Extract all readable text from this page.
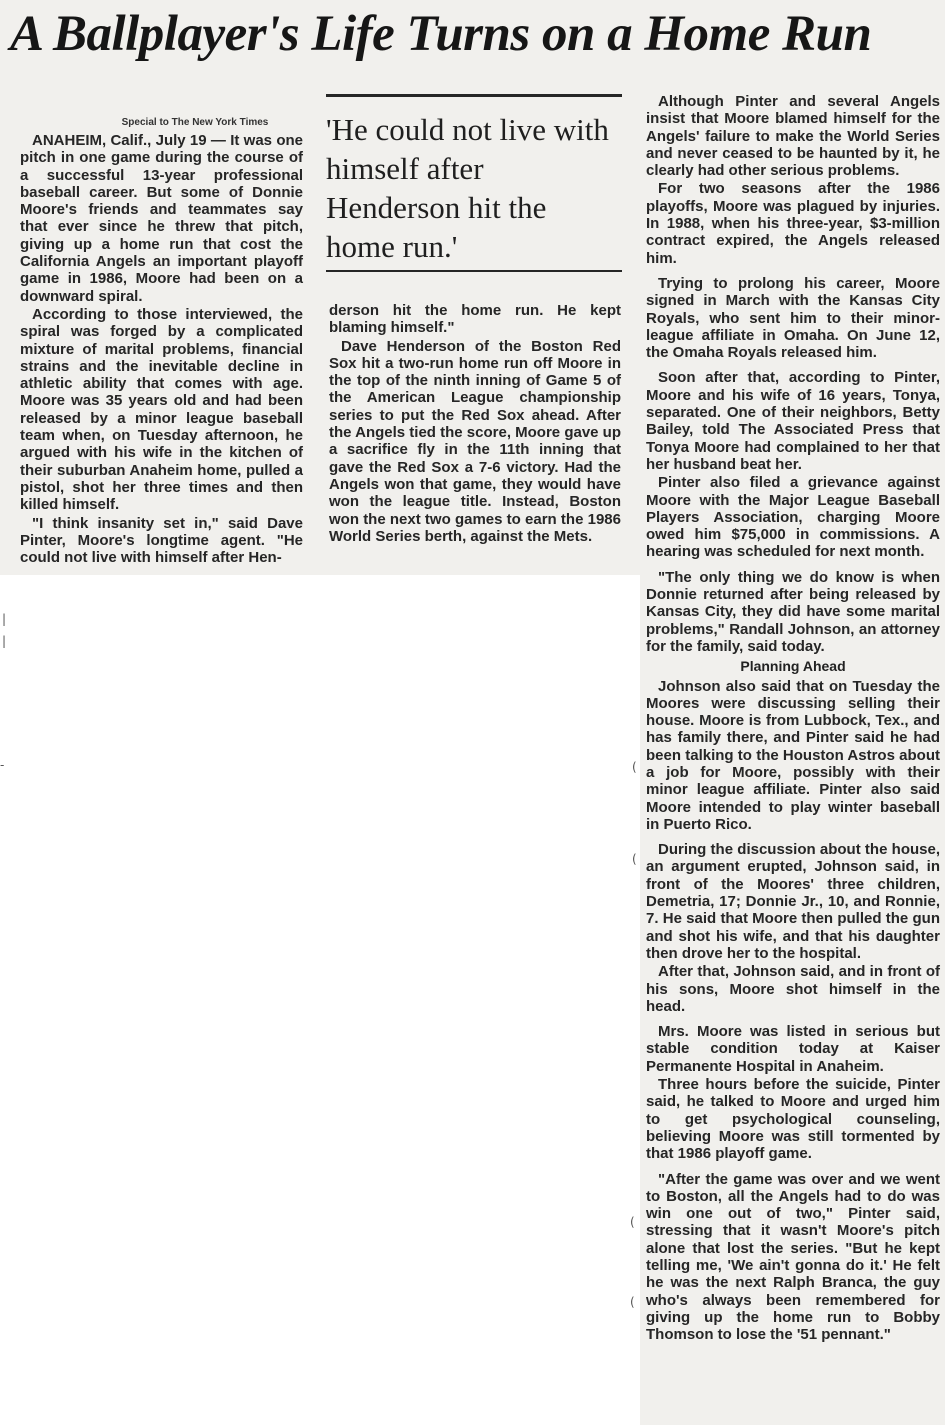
A Ballplayer's Life Turns on a Home Run
Special to The New York Times

ANAHEIM, Calif., July 19 — It was one pitch in one game during the course of a successful 13-year professional baseball career. But some of Donnie Moore's friends and teammates say that ever since he threw that pitch, giving up a home run that cost the California Angels an important playoff game in 1986, Moore had been on a downward spiral.

According to those interviewed, the spiral was forged by a complicated mixture of marital problems, financial strains and the inevitable decline in athletic ability that comes with age. Moore was 35 years old and had been released by a minor league baseball team when, on Tuesday afternoon, he argued with his wife in the kitchen of their suburban Anaheim home, pulled a pistol, shot her three times and then killed himself.

"I think insanity set in," said Dave Pinter, Moore's longtime agent. "He could not live with himself after Hen-

'He could not live with himself after Henderson hit the home run.'

derson hit the home run. He kept blaming himself."

Dave Henderson of the Boston Red Sox hit a two-run home run off Moore in the top of the ninth inning of Game 5 of the American League championship series to put the Red Sox ahead. After the Angels tied the score, Moore gave up a sacrifice fly in the 11th inning that gave the Red Sox a 7-6 victory. Had the Angels won that game, they would have won the league title. Instead, Boston won the next two games to earn the 1986 World Series berth, against the Mets.

Although Pinter and several Angels insist that Moore blamed himself for the Angels' failure to make the World Series and never ceased to be haunted by it, he clearly had other serious problems.

For two seasons after the 1986 playoffs, Moore was plagued by injuries. In 1988, when his three-year, $3-million contract expired, the Angels released him.

Trying to prolong his career, Moore signed in March with the Kansas City Royals, who sent him to their minor-league affiliate in Omaha. On June 12, the Omaha Royals released him.

Soon after that, according to Pinter, Moore and his wife of 16 years, Tonya, separated. One of their neighbors, Betty Bailey, told The Associated Press that Tonya Moore had complained to her that her husband beat her.

Pinter also filed a grievance against Moore with the Major League Baseball Players Association, charging Moore owed him $75,000 in commissions. A hearing was scheduled for next month.

"The only thing we do know is when Donnie returned after being released by Kansas City, they did have some marital problems," Randall Johnson, an attorney for the family, said today.

Planning Ahead

Johnson also said that on Tuesday the Moores were discussing selling their house. Moore is from Lubbock, Tex., and has family there, and Pinter said he had been talking to the Houston Astros about a job for Moore, possibly with their minor league affiliate. Pinter also said Moore intended to play winter baseball in Puerto Rico.

During the discussion about the house, an argument erupted, Johnson said, in front of the Moores' three children, Demetria, 17; Donnie Jr., 10, and Ronnie, 7. He said that Moore then pulled the gun and shot his wife, and that his daughter then drove her to the hospital.

After that, Johnson said, and in front of his sons, Moore shot himself in the head.

Mrs. Moore was listed in serious but stable condition today at Kaiser Permanente Hospital in Anaheim.

Three hours before the suicide, Pinter said, he talked to Moore and urged him to get psychological counseling, believing Moore was still tormented by that 1986 playoff game.

"After the game was over and we went to Boston, all the Angels had to do was win one out of two," Pinter said, stressing that it wasn't Moore's pitch alone that lost the series. "But he kept telling me, 'We ain't gonna do it.' He felt he was the next Ralph Branca, the guy who's always been remembered for giving up the home run to Bobby Thomson to lose the '51 pennant."

|
|
-	(
(
(
(
